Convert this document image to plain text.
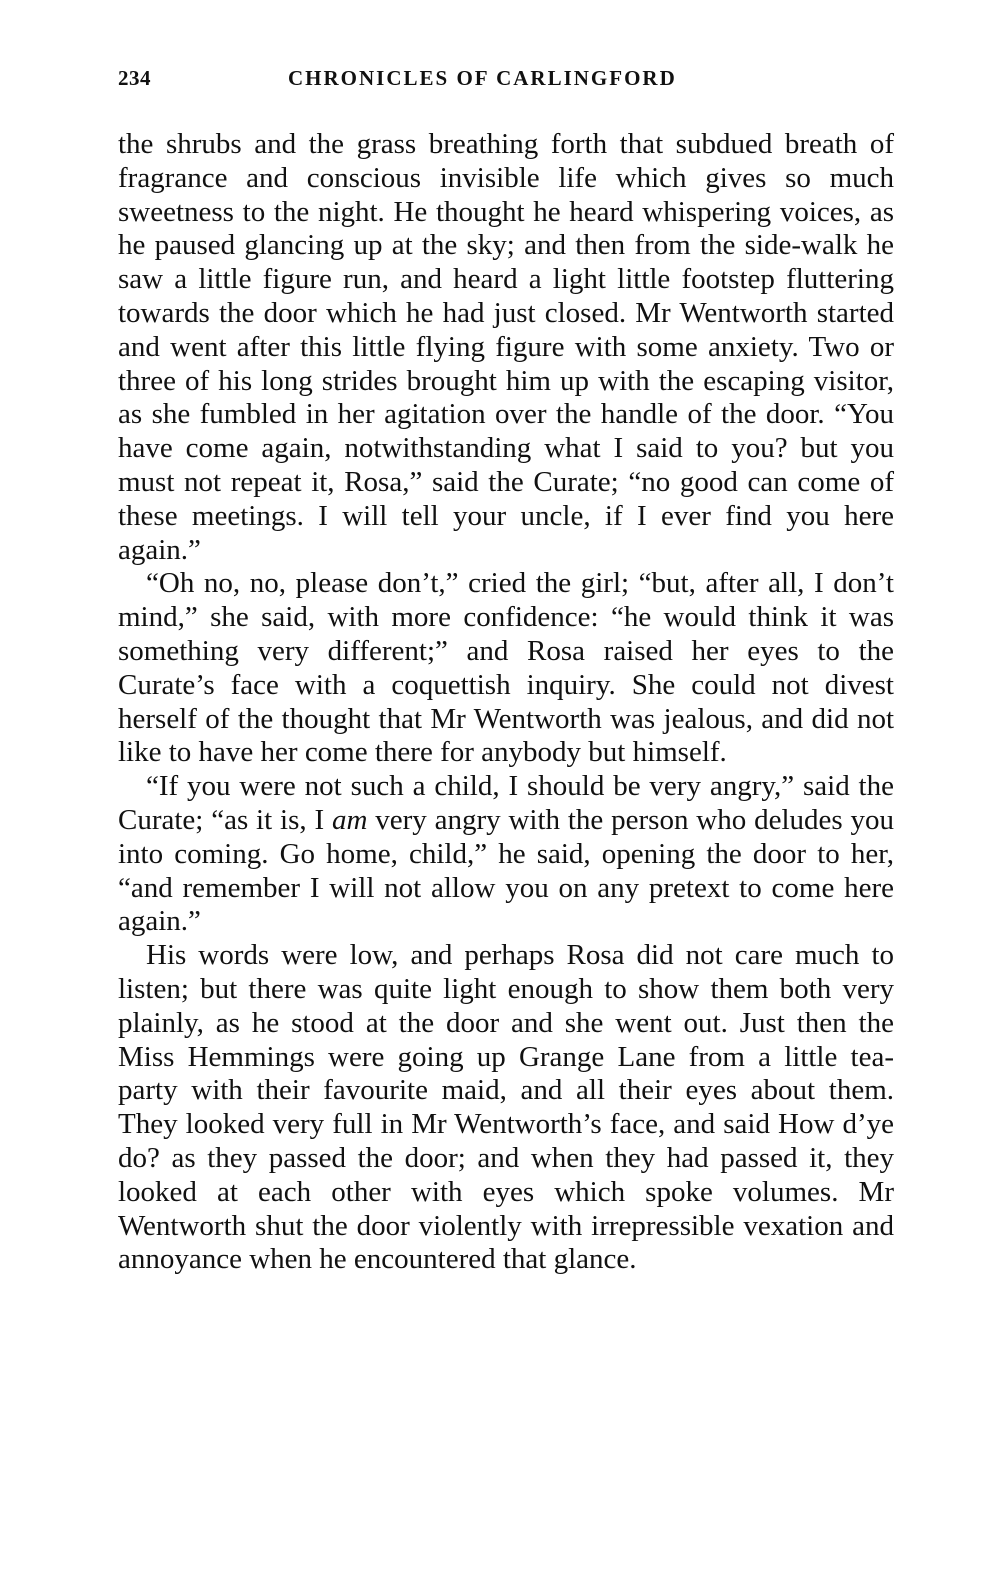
234	CHRONICLES OF CARLINGFORD

the shrubs and the grass breathing forth that subdued breath of fragrance and conscious invisible life which gives so much sweetness to the night. He thought he heard whispering voices, as he paused glancing up at the sky; and then from the side-walk he saw a little figure run, and heard a light little footstep fluttering towards the door which he had just closed. Mr Wentworth started and went after this little flying figure with some anxiety. Two or three of his long strides brought him up with the escaping visitor, as she fumbled in her agitation over the handle of the door. “You have come again, notwithstanding what I said to you? but you must not repeat it, Rosa,” said the Curate; “no good can come of these meetings. I will tell your uncle, if I ever find you here again.”

“Oh no, no, please don’t,” cried the girl; “but, after all, I don’t mind,” she said, with more confidence: “he would think it was something very different;” and Rosa raised her eyes to the Curate’s face with a coquettish inquiry. She could not divest herself of the thought that Mr Wentworth was jealous, and did not like to have her come there for anybody but himself.

“If you were not such a child, I should be very angry,” said the Curate; “as it is, I am very angry with the person who deludes you into coming. Go home, child,” he said, opening the door to her, “and remember I will not allow you on any pretext to come here again.”

His words were low, and perhaps Rosa did not care much to listen; but there was quite light enough to show them both very plainly, as he stood at the door and she went out. Just then the Miss Hemmings were going up Grange Lane from a little tea-party with their favourite maid, and all their eyes about them. They looked very full in Mr Wentworth’s face, and said How d’ye do? as they passed the door; and when they had passed it, they looked at each other with eyes which spoke volumes. Mr Wentworth shut the door violently with irrepressible vexation and annoyance when he encountered that glance.
